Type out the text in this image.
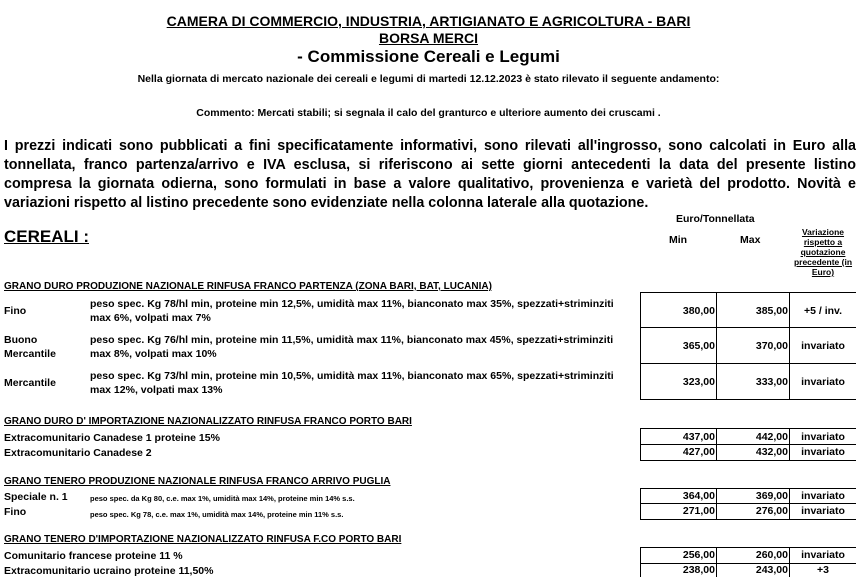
CAMERA DI COMMERCIO, INDUSTRIA, ARTIGIANATO E AGRICOLTURA - BARI
BORSA MERCI
- Commissione Cereali e Legumi
Nella giornata di mercato nazionale dei cereali e legumi di martedi 12.12.2023 è stato rilevato il seguente andamento:
Commento: Mercati stabili; si segnala il calo del granturco e ulteriore aumento dei cruscami .
I prezzi indicati sono pubblicati a fini specificatamente informativi, sono rilevati all'ingrosso, sono calcolati in Euro alla tonnellata, franco partenza/arrivo e IVA esclusa, si riferiscono ai sette giorni antecedenti la data del presente listino compresa la giornata odierna, sono formulati in base a valore qualitativo, provenienza e varietà del prodotto. Novità e variazioni rispetto al listino precedente sono evidenziate nella colonna laterale alla quotazione.
CEREALI :
Euro/Tonnellata
Min	Max
Variazione rispetto a quotazione precedente (in Euro)
GRANO DURO PRODUZIONE NAZIONALE RINFUSA FRANCO PARTENZA (ZONA BARI, BAT, LUCANIA)
Fino
peso spec. Kg 78/hl min, proteine min 12,5%, umidità max 11%, bianconato max 35%, spezzati+striminziti max 6%, volpati max 7%
380,00	385,00	+5 / inv.
Buono Mercantile
peso spec. Kg 76/hl min, proteine min 11,5%, umidità max 11%, bianconato max 45%, spezzati+striminziti max 8%, volpati max 10%
365,00	370,00	invariato
Mercantile
peso spec. Kg 73/hl min, proteine min 10,5%, umidità max 11%, bianconato max 65%, spezzati+striminziti max 12%, volpati max 13%
323,00	333,00	invariato
GRANO DURO D' IMPORTAZIONE NAZIONALIZZATO RINFUSA FRANCO PORTO BARI
Extracomunitario Canadese 1 proteine 15%	437,00	442,00	invariato
Extracomunitario Canadese 2	427,00	432,00	invariato
GRANO TENERO PRODUZIONE NAZIONALE RINFUSA FRANCO ARRIVO PUGLIA
Speciale n. 1	peso spec. da Kg 80, c.e. max 1%, umidità max 14%, proteine min 14% s.s.	364,00	369,00	invariato
Fino	peso spec. Kg 78, c.e. max 1%, umidità max 14%, proteine min 11% s.s.	271,00	276,00	invariato
GRANO TENERO D'IMPORTAZIONE NAZIONALIZZATO RINFUSA F.CO PORTO BARI
Comunitario francese proteine 11 %	256,00	260,00	invariato
Extracomunitario ucraino proteine 11,50%	238,00	243,00	+3
